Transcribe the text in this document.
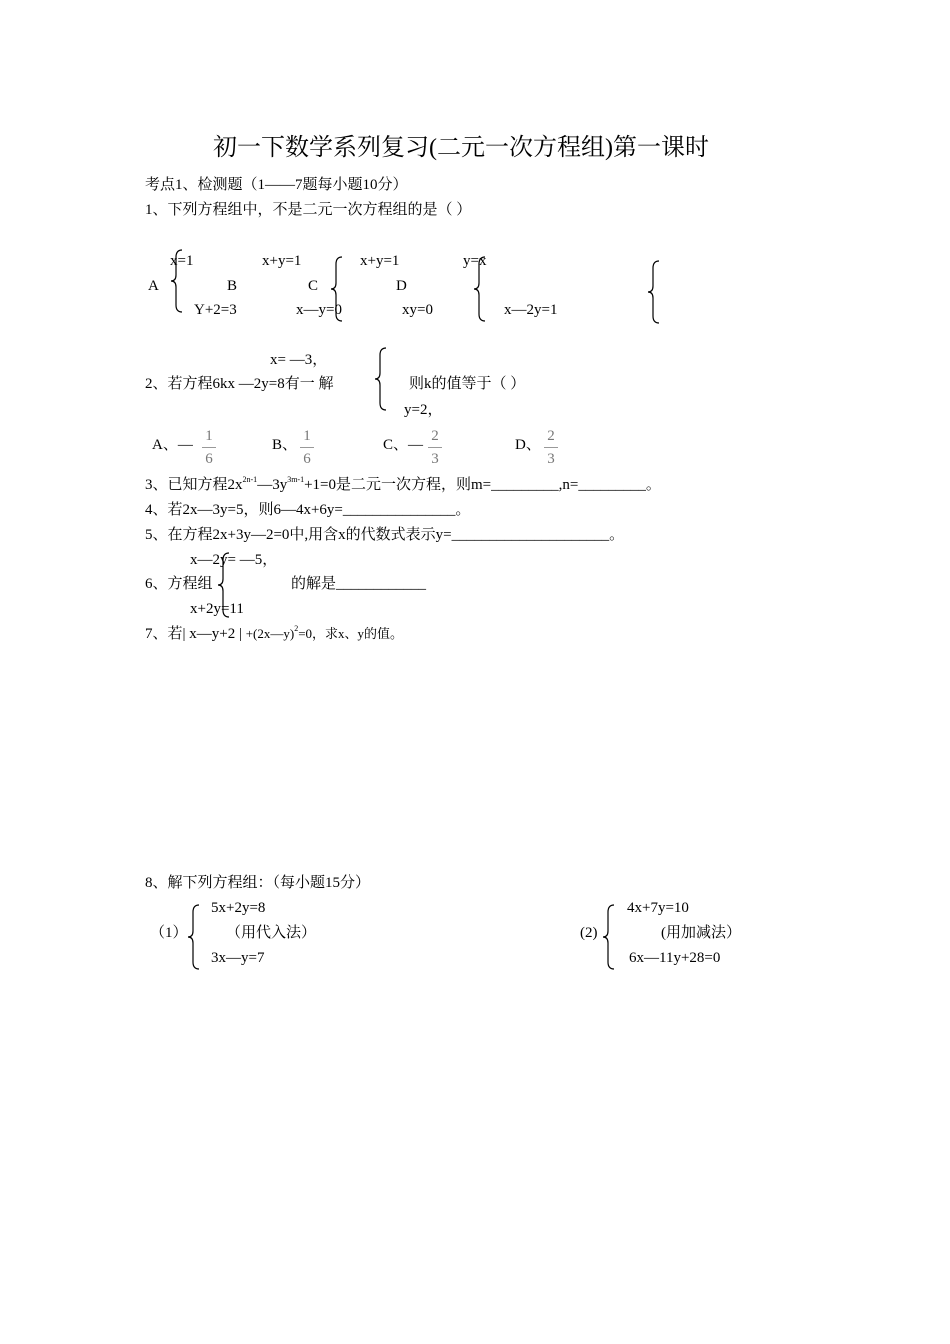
初一下数学系列复习(二元一次方程组)第一课时
考点1、检测题（1——7题每小题10分）
1、下列方程组中，不是二元一次方程组的是（ ）
A
x=1
Y+2=3
B
x+y=1
x—y=0
C
x+y=1
xy=0
D
y=x
x—2y=1
x= —3，
2、若方程6kx —2y=8有一 解	则k的值等于（ ）
y=2，
A、—
1
6
B、
1
6
C、—
2
3
D、
2
3
3、已知方程$2x^{2n-1}—3y^{3m-1}+1=0$是二元一次方程，则m=_________,n=_________。
4、若2x—3y=5，则6—4x+6y=_______________。
5、在方程2x+3y—2=0中,用含x的代数式表示y=_____________________。
x—2y= —5，
6、方程组	的解是____________
x+2y=11
7、若| x—y+2 | +(2x—y)$^2$=0，求x、y的值。
8、解下列方程组：（每小题15分）
（1）
5x+2y=8
（用代入法）
3x—y=7
(2)
4x+7y=10
(用加减法）
6x—11y+28=0
